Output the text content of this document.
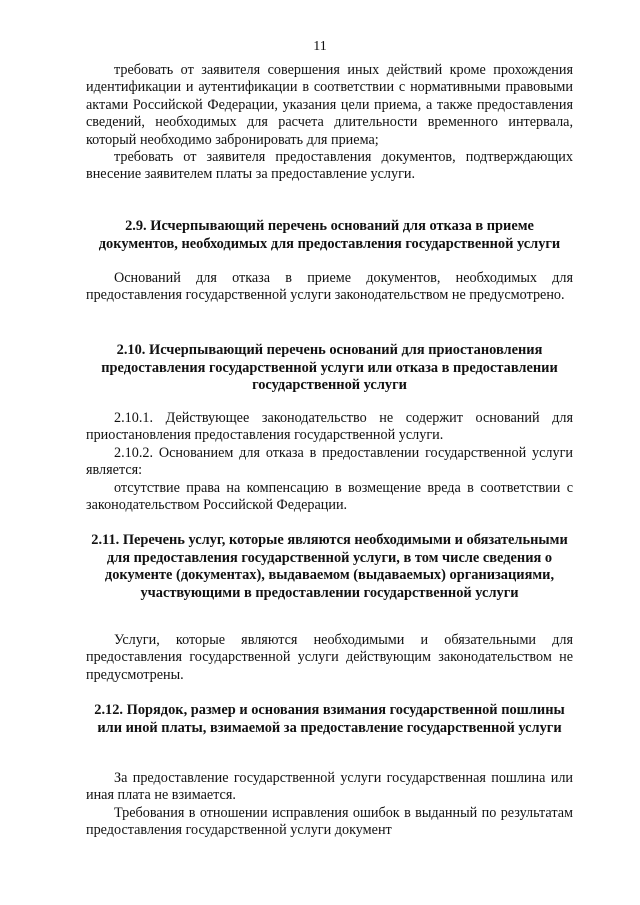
11

требовать от заявителя совершения иных действий кроме прохождения идентификации и аутентификации в соответствии с нормативными правовыми актами Российской Федерации, указания цели приема, а также предоставления сведений, необходимых для расчета длительности временного интервала, который необходимо забронировать для приема;

требовать от заявителя предоставления документов, подтверждающих внесение заявителем платы за предоставление услуги.

2.9. Исчерпывающий перечень оснований для отказа в приеме документов, необходимых для предоставления государственной услуги

Оснований для отказа в приеме документов, необходимых для предоставления государственной услуги законодательством не предусмотрено.

2.10. Исчерпывающий перечень оснований для приостановления предоставления государственной услуги или отказа в предоставлении государственной услуги

2.10.1. Действующее законодательство не содержит оснований для приостановления предоставления государственной услуги.

2.10.2. Основанием для отказа в предоставлении государственной услуги является:

отсутствие права на компенсацию в возмещение вреда в соответствии с законодательством Российской Федерации.

2.11. Перечень услуг, которые являются необходимыми и обязательными для предоставления государственной услуги, в том числе сведения о документе (документах), выдаваемом (выдаваемых) организациями, участвующими в предоставлении государственной услуги

Услуги, которые являются необходимыми и обязательными для предоставления государственной услуги действующим законодательством не предусмотрены.

2.12. Порядок, размер и основания взимания государственной пошлины или иной платы, взимаемой за предоставление государственной услуги

За предоставление государственной услуги государственная пошлина или иная плата не взимается.

Требования в отношении исправления ошибок в выданный по результатам предоставления государственной услуги документ
